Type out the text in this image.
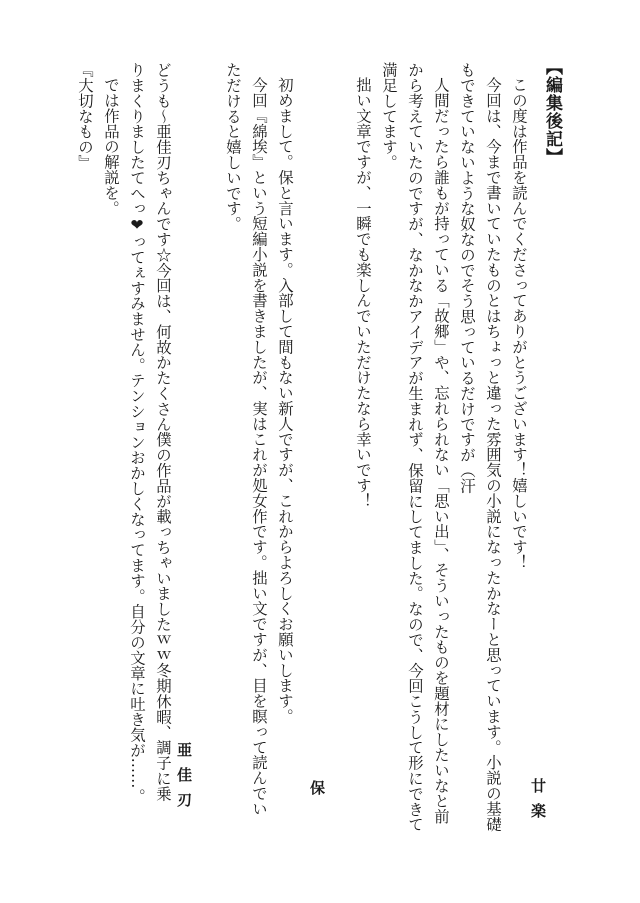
【編集後記】
廿楽

この度は作品を読んでくださってありがとうございます！嬉しいです！

今回は、今まで書いていたものとはちょっと違った雰囲気の小説になったかなーと思っています。小説の基礎

もできていないような奴なのでそう思っているだけですが（汗

人間だったら誰もが持っている「故郷」や、忘れられない「思い出」、そういったものを題材にしたいなと前

から考えていたのですが、なかなかアイデアが生まれず、保留にしてました。なので、今回こうして形にできて

満足してます。

拙い文章ですが、一瞬でも楽しんでいただけたなら幸いです！

保

初めまして。保と言います。入部して間もない新人ですが、これからよろしくお願いします。

今回『綿埃』という短編小説を書きましたが、実はこれが処女作です。拙い文ですが、目を瞑って読んでい

ただけると嬉しいです。

亜佳刃

どうも～亜佳刃ちゃんです☆今回は、何故かたくさん僕の作品が載っちゃいましたｗｗ冬期休暇、調子に乗

りまくりましたてへっ❤ってぇすみません。テンションおかしくなってます。自分の文章に吐き気が……。

では作品の解説を。

『大切なもの』
